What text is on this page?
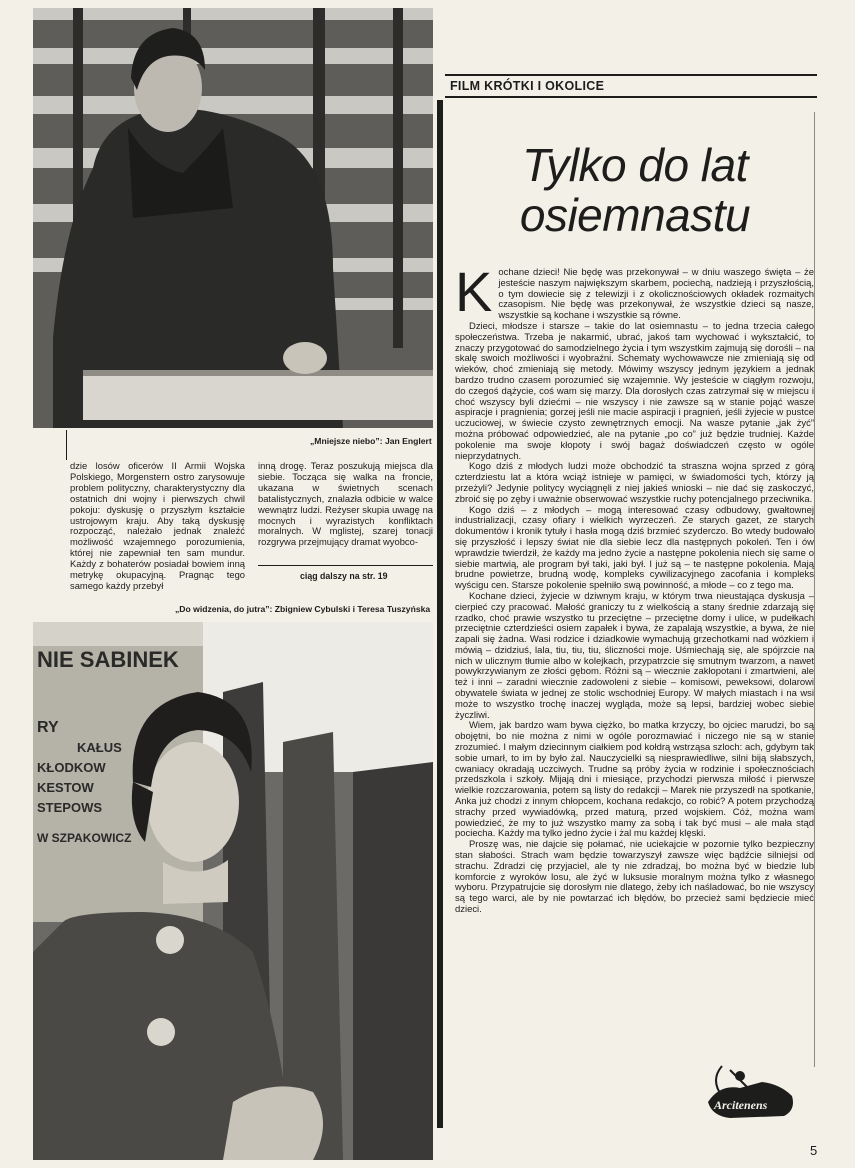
„Mniejsze niebo”: Jan Englert
dzie losów oficerów II Armii Wojska Polskiego, Morgenstern ostro zarysowuje problem polityczny, charakterystyczny dla ostatnich dni wojny i pierwszych chwil pokoju: dyskusję o przyszłym kształcie ustrojowym kraju. Aby taką dyskusję rozpocząć, należało jednak znaleźć możliwość wzajemnego porozumienia, której nie zapewniał ten sam mundur. Każdy z bohaterów posiadał bowiem inną metrykę okupacyjną. Pragnąc tego samego każdy przebył
inną drogę. Teraz poszukują miejsca dla siebie. Tocząca się walka na froncie, ukazana w świetnych scenach batalistycznych, znalazła odbicie w walce wewnątrz ludzi. Reżyser skupia uwagę na mocnych i wyrazistych konfliktach moralnych. W mglistej, szarej tonacji rozgrywa przejmujący dramat wyobco-
ciąg dalszy na str. 19
„Do widzenia, do jutra”: Zbigniew Cybulski i Teresa Tuszyńska
NIE SABINEK
RY
KAŁUS
KŁODKOW
KESTOW
STEPOWS
W SZPAKOWICZ
FILM KRÓTKI I OKOLICE
Tylko do lat
osiemnastu

Kochane dzieci! Nie będę was przekonywał – w dniu waszego święta – że jesteście naszym największym skarbem, pociechą, nadzieją i przyszłością, o tym dowiecie się z telewizji i z okolicznościowych okładek rozmaitych czasopism. Nie będę was przekonywał, że wszystkie dzieci są nasze, wszystkie są kochane i wszystkie są równe.

Dzieci, młodsze i starsze – takie do lat osiemnastu – to jedna trzecia całego społeczeństwa. Trzeba je nakarmić, ubrać, jakoś tam wychować i wykształcić, to znaczy przygotować do samodzielnego życia i tym wszystkim zajmują się dorośli – na skalę swoich możliwości i wyobraźni. Schematy wychowawcze nie zmieniają się od wieków, choć zmieniają się metody. Mówimy wszyscy jednym językiem a jednak bardzo trudno czasem porozumieć się wzajemnie. Wy jesteście w ciągłym rozwoju, do czegoś dążycie, coś wam się marzy. Dla dorosłych czas zatrzymał się w miejscu i choć wszyscy byli dziećmi – nie wszyscy i nie zawsze są w stanie pojąć wasze aspiracje i pragnienia; gorzej jeśli nie macie aspiracji i pragnień, jeśli żyjecie w pustce uczuciowej, w świecie czysto zewnętrznych emocji. Na wasze pytanie „jak żyć” można próbować odpowiedzieć, ale na pytanie „po co” już będzie trudniej. Każde pokolenie ma swoje kłopoty i swój bagaż doświadczeń często w ogóle nieprzydatnych.

Kogo dziś z młodych ludzi może obchodzić ta straszna wojna sprzed z górą czterdziestu lat a która wciąż istnieje w pamięci, w świadomości tych, którzy ją przeżyli? Jedynie politycy wyciągnęli z niej jakieś wnioski – nie dać się zaskoczyć, zbroić się po zęby i uważnie obserwować wszystkie ruchy potencjalnego przeciwnika.

Kogo dziś – z młodych – mogą interesować czasy odbudowy, gwałtownej industrializacji, czasy ofiary i wielkich wyrzeczeń. Ze starych gazet, ze starych dokumentów i kronik tytuły i hasła mogą dziś brzmieć szyderczo. Bo wtedy budowało się przyszłość i lepszy świat nie dla siebie lecz dla następnych pokoleń. Ten i ów wprawdzie twierdził, że każdy ma jedno życie a następne pokolenia niech się same o siebie martwią, ale program był taki, jaki był. I już są – te następne pokolenia. Mają brudne powietrze, brudną wodę, kompleks cywilizacyjnego zacofania i kompleks wyścigu cen. Starsze pokolenie spełniło swą powinność, a młode – co z tego ma.

Kochane dzieci, żyjecie w dziwnym kraju, w którym trwa nieustająca dyskusja – cierpieć czy pracować. Małość graniczy tu z wielkością a stany średnie zdarzają się rzadko, choć prawie wszystko tu przeciętne – przeciętne domy i ulice, w pudełkach przeciętnie czterdzieści osiem zapałek i bywa, że zapalają wszystkie, a bywa, że nie zapali się żadna. Wasi rodzice i dziadkowie wymachują grzechotkami nad wózkiem i mówią – dzidziuś, lala, tiu, tiu, tiu, śliczności moje. Uśmiechają się, ale spójrzcie na nich w ulicznym tłumie albo w kolejkach, przypatrzcie się smutnym twarzom, a nawet powykrzywianym ze złości gębom. Różni są – wiecznie zakłopotani i zmartwieni, ale też i inni – zaradni wiecznie zadowoleni z siebie – komisowi, peweksowi, dolarowi obywatele świata w jednej ze stolic wschodniej Europy. W małych miastach i na wsi może to wszystko trochę inaczej wygląda, może są lepsi, bardziej wobec siebie życzliwi.

Wiem, jak bardzo wam bywa ciężko, bo matka krzyczy, bo ojciec marudzi, bo są obojętni, bo nie można z nimi w ogóle porozmawiać i niczego nie są w stanie zrozumieć. I małym dziecinnym ciałkiem pod kołdrą wstrząsa szloch: ach, gdybym tak sobie umarł, to im by było żal. Nauczycielki są niesprawiedliwe, silni biją słabszych, cwaniacy okradają uczciwych. Trudne są próby życia w rodzinie i społecznościach przedszkola i szkoły. Mijają dni i miesiące, przychodzi pierwsza miłość i pierwsze wielkie rozczarowania, potem są listy do redakcji – Marek nie przyszedł na spotkanie, Anka już chodzi z innym chłopcem, kochana redakcjo, co robić? A potem przychodzą strachy przed wywiadówką, przed maturą, przed wojskiem. Cóż, można wam powiedzieć, że my to już wszystko mamy za sobą i tak być musi – ale mała stąd pociecha. Każdy ma tylko jedno życie i żal mu każdej klęski.

Proszę was, nie dajcie się połamać, nie uciekajcie w pozornie tylko bezpieczny stan słabości. Strach wam będzie towarzyszył zawsze więc bądźcie silniejsi od strachu. Zdradzi cię przyjaciel, ale ty nie zdradzaj, bo można być w biedzie lub komforcie z wyroków losu, ale żyć w luksusie moralnym można tylko z własnego wyboru. Przypatrujcie się dorosłym nie dlatego, żeby ich naśladować, bo nie wszyscy są tego warci, ale by nie powtarzać ich błędów, bo przecież sami będziecie mieć dzieci.

Arcitenens
5
